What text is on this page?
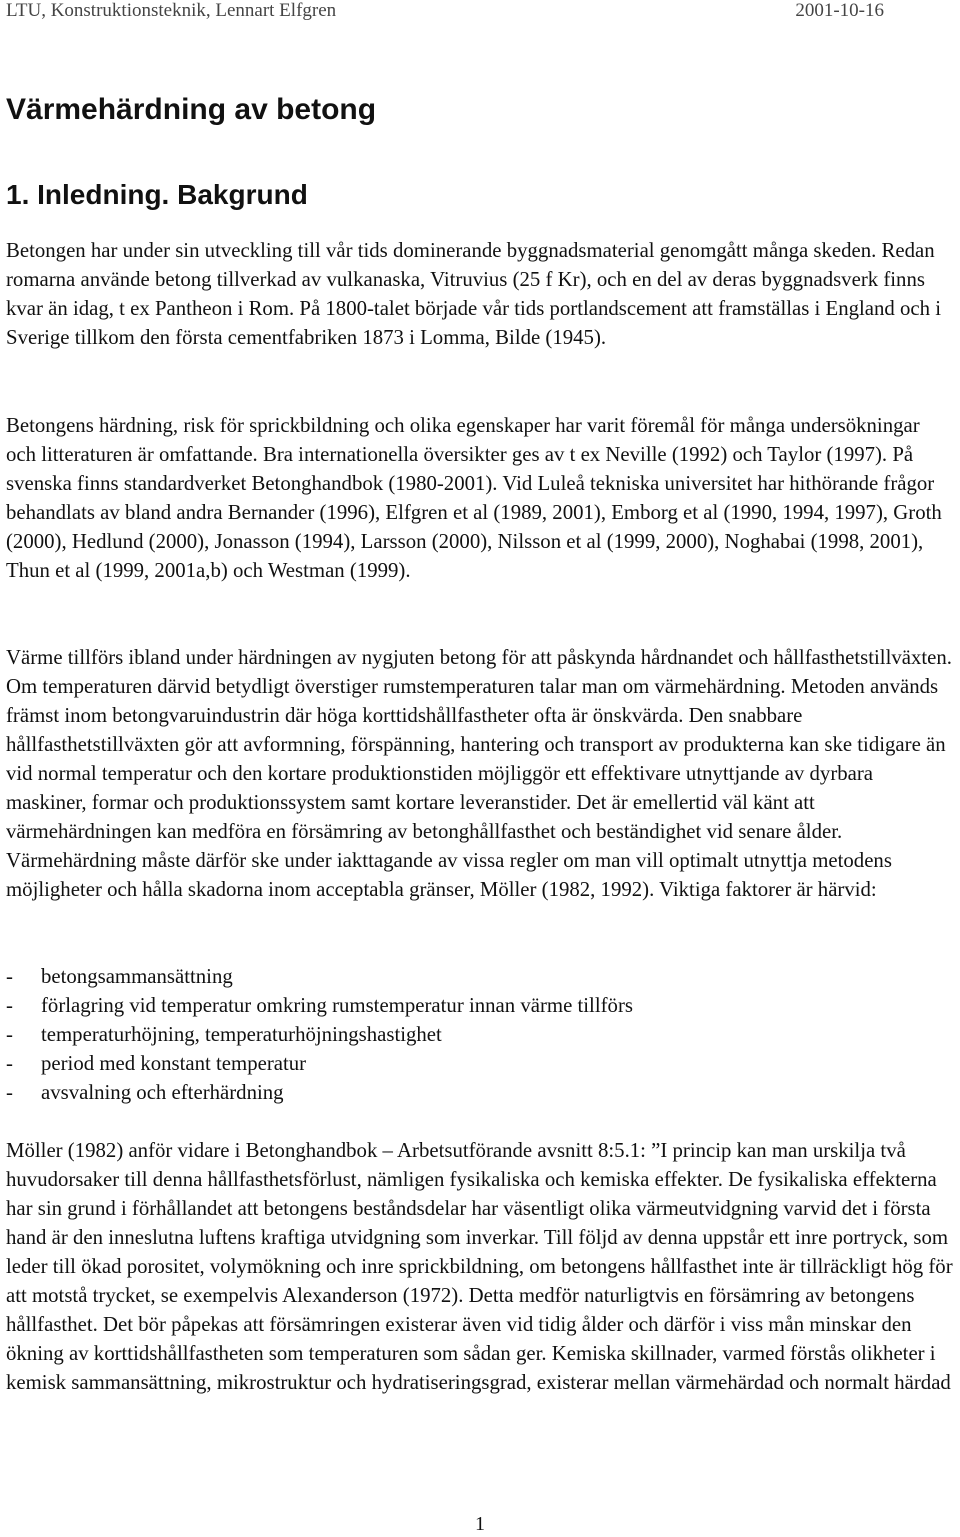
LTU, Konstruktionsteknik, Lennart Elfgren	2001-10-16
Värmehärdning av betong
1. Inledning. Bakgrund

Betongen har under sin utveckling till vår tids dominerande byggnadsmaterial genomgått många skeden. Redan romarna använde betong tillverkad av vulkanaska, Vitruvius (25 f Kr), och en del av deras byggnadsverk finns kvar än idag, t ex Pantheon i Rom. På 1800-talet började vår tids portlandscement att framställas i England och i Sverige tillkom den första cementfabriken 1873 i Lomma, Bilde (1945).

Betongens härdning, risk för sprickbildning och olika egenskaper har varit föremål för många undersökningar och litteraturen är omfattande. Bra internationella översikter ges av t ex Neville (1992) och Taylor (1997). På svenska finns standardverket Betonghandbok (1980-2001). Vid Luleå tekniska universitet har hithörande frågor behandlats av bland andra Bernander (1996), Elfgren et al (1989, 2001), Emborg et al (1990, 1994, 1997), Groth (2000), Hedlund (2000), Jonasson (1994), Larsson (2000), Nilsson et al (1999, 2000), Noghabai (1998, 2001), Thun et al (1999, 2001a,b) och Westman (1999).

Värme tillförs ibland under härdningen av nygjuten betong för att påskynda hårdnandet och hållfasthetstillväxten. Om temperaturen därvid betydligt överstiger rumstemperaturen talar man om värmehärdning. Metoden används främst inom betongvaruindustrin där höga korttidshållfastheter ofta är önskvärda. Den snabbare hållfasthetstillväxten gör att avformning, förspänning, hantering och transport av produkterna kan ske tidigare än vid normal temperatur och den kortare produktionstiden möjliggör ett effektivare utnyttjande av dyrbara maskiner, formar och produktionssystem samt kortare leveranstider. Det är emellertid väl känt att värmehärdningen kan medföra en försämring av betonghållfasthet och beständighet vid senare ålder. Värmehärdning måste därför ske under iakttagande av vissa regler om man vill optimalt utnyttja metodens möjligheter och hålla skadorna inom acceptabla gränser, Möller (1982, 1992). Viktiga faktorer är härvid:

- betongsammansättning
- förlagring vid temperatur omkring rumstemperatur innan värme tillförs
- temperaturhöjning, temperaturhöjningshastighet
- period med konstant temperatur
- avsvalning och efterhärdning

Möller (1982) anför vidare i Betonghandbok – Arbetsutförande avsnitt 8:5.1: ”I princip kan man urskilja två huvudorsaker till denna hållfasthetsförlust, nämligen fysikaliska och kemiska effekter. De fysikaliska effekterna har sin grund i förhållandet att betongens beståndsdelar har väsentligt olika värmeutvidgning varvid det i första hand är den inneslutna luftens kraftiga utvidgning som inverkar. Till följd av denna uppstår ett inre portryck, som leder till ökad porositet, volymökning och inre sprickbildning, om betongens hållfasthet inte är tillräckligt hög för att motstå trycket, se exempelvis Alexanderson (1972). Detta medför naturligtvis en försämring av betongens hållfasthet. Det bör påpekas att försämringen existerar även vid tidig ålder och därför i viss mån minskar den ökning av korttidshållfastheten som temperaturen som sådan ger. Kemiska skillnader, varmed förstås olikheter i kemisk sammansättning, mikrostruktur och hydratiseringsgrad, existerar mellan värmehärdad och normalt härdad

1
